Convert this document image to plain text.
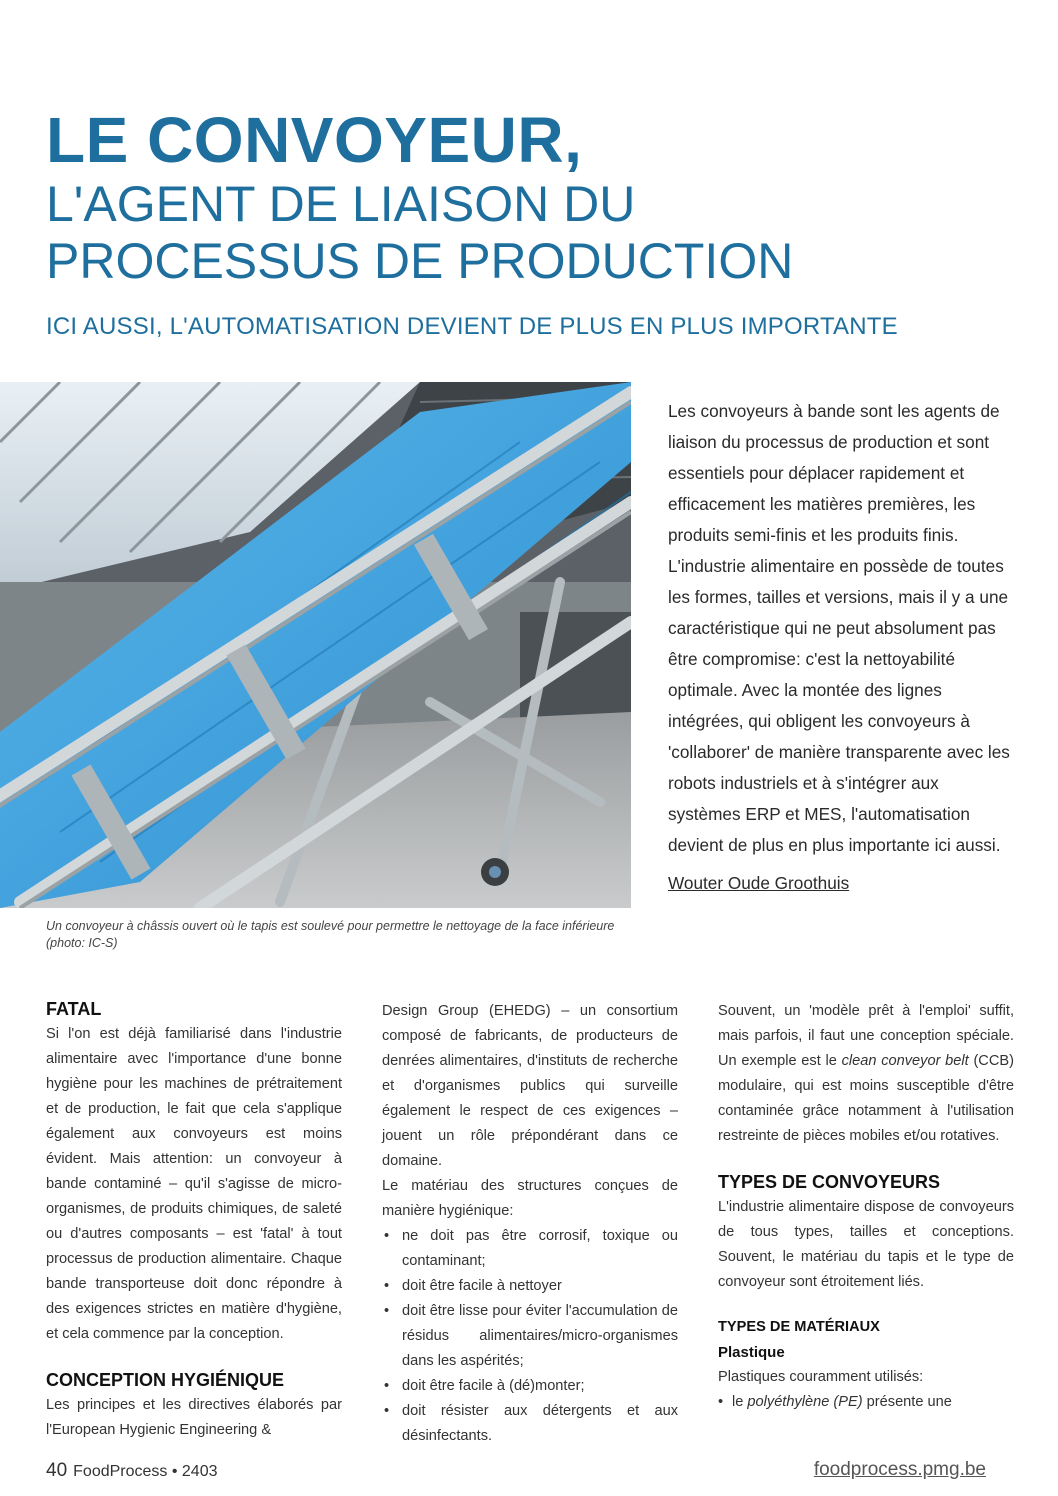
LE CONVOYEUR,
L'AGENT DE LIAISON DU
PROCESSUS DE PRODUCTION
ICI AUSSI, L'AUTOMATISATION DEVIENT DE PLUS EN PLUS IMPORTANTE
Un convoyeur à châssis ouvert où le tapis est soulevé pour permettre le nettoyage de la face inférieure (photo: IC-S)

Les convoyeurs à bande sont les agents de liaison du processus de production et sont essentiels pour déplacer rapidement et efficacement les matières premières, les produits semi-finis et les produits finis. L'industrie alimentaire en possède de toutes les formes, tailles et versions, mais il y a une caractéristique qui ne peut absolument pas être compromise: c'est la nettoyabilité optimale. Avec la montée des lignes intégrées, qui obligent les convoyeurs à 'collaborer' de manière transparente avec les robots industriels et à s'intégrer aux systèmes ERP et MES, l'automatisation devient de plus en plus importante ici aussi.

Wouter Oude Groothuis
FATAL

Si l'on est déjà familiarisé dans l'industrie alimentaire avec l'importance d'une bonne hygiène pour les machines de prétraitement et de production, le fait que cela s'applique également aux convoyeurs est moins évident. Mais attention: un convoyeur à bande contaminé – qu'il s'agisse de micro-organismes, de produits chimiques, de saleté ou d'autres composants – est 'fatal' à tout processus de production alimentaire. Chaque bande transporteuse doit donc répondre à des exigences strictes en matière d'hygiène, et cela commence par la conception.

CONCEPTION HYGIÉNIQUE

Les principes et les directives élaborés par l'European Hygienic Engineering &

Design Group (EHEDG) – un consortium composé de fabricants, de producteurs de denrées alimentaires, d'instituts de recherche et d'organismes publics qui surveille également le respect de ces exigences – jouent un rôle prépondérant dans ce domaine.

Le matériau des structures conçues de manière hygiénique:

• ne doit pas être corrosif, toxique ou contaminant;
• doit être facile à nettoyer
• doit être lisse pour éviter l'accumulation de résidus alimentaires/micro-organismes dans les aspérités;
• doit être facile à (dé)monter;
• doit résister aux détergents et aux désinfectants.

Souvent, un 'modèle prêt à l'emploi' suffit, mais parfois, il faut une conception spéciale. Un exemple est le clean conveyor belt (CCB) modulaire, qui est moins susceptible d'être contaminée grâce notamment à l'utilisation restreinte de pièces mobiles et/ou rotatives.

TYPES DE CONVOYEURS

L'industrie alimentaire dispose de convoyeurs de tous types, tailles et conceptions. Souvent, le matériau du tapis et le type de convoyeur sont étroitement liés.

TYPES DE MATÉRIAUX
Plastique

Plastiques couramment utilisés:

• le polyéthylène (PE) présente une
40 FoodProcess • 2403	foodprocess.pmg.be
